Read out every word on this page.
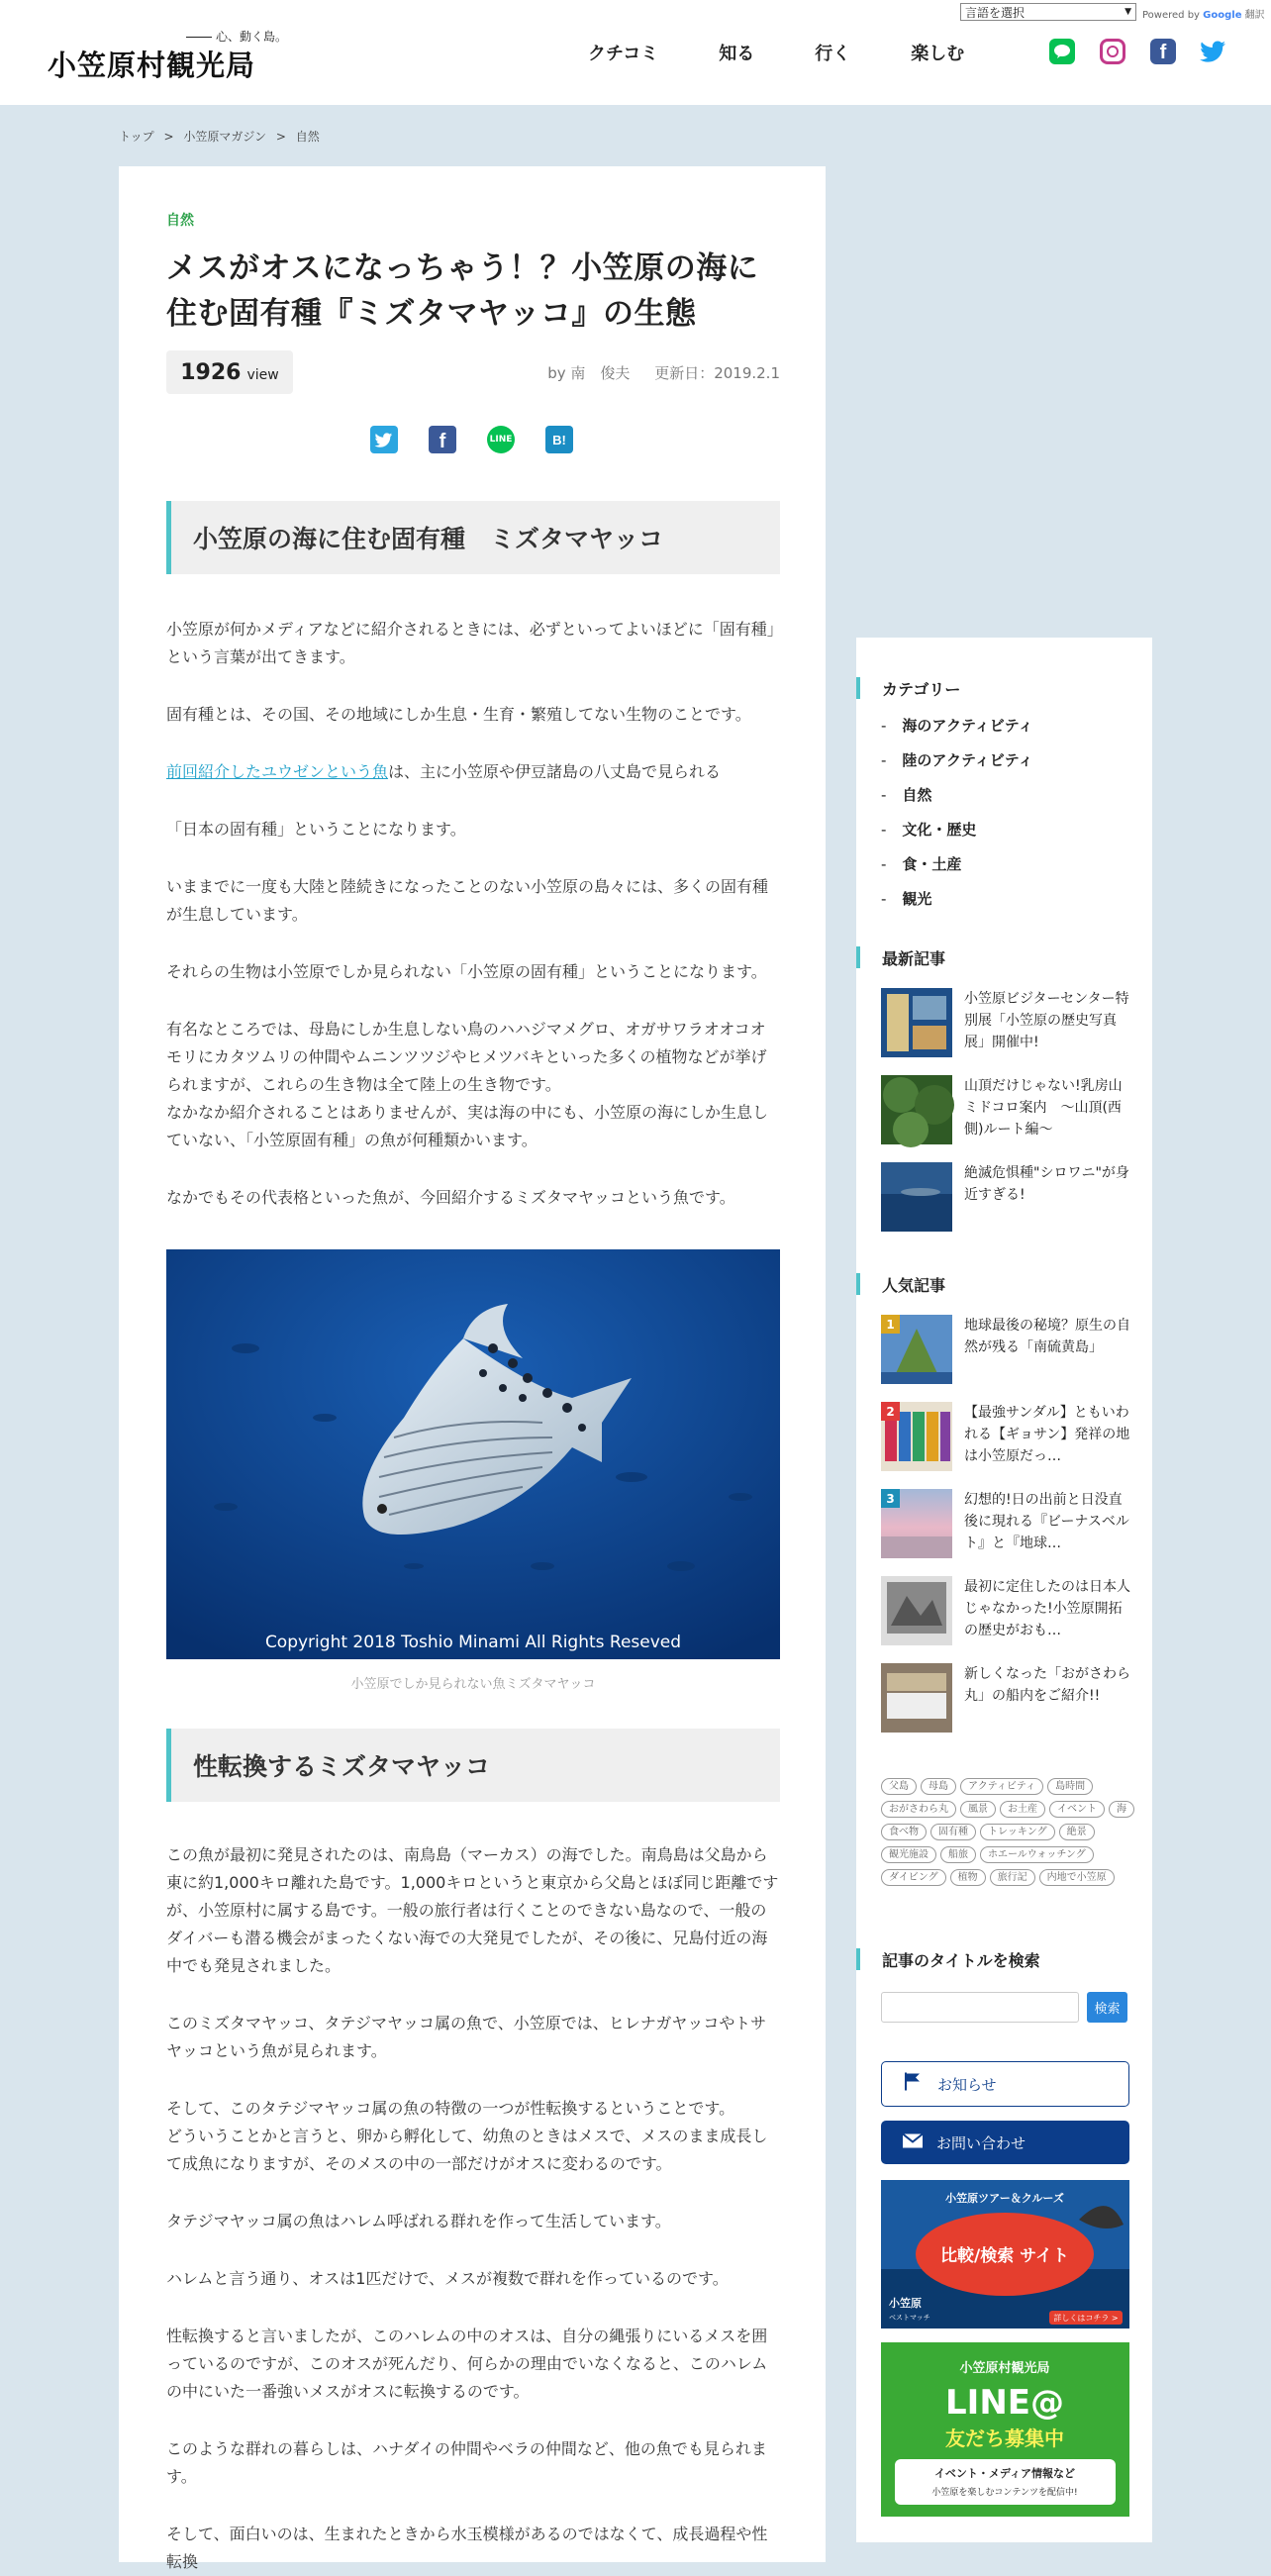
心、動く島。
小笠原村観光局	クチコミ	知る	行く	楽しむ
言語を選択	▼ Powered by Google 翻訳
f
トップ > 小笠原マガジン > 自然
自然
メスがオスになっちゃう！？小笠原の海に住む固有種『ミズタマヤッコ』の生態
1926 view	by 南　俊夫 更新日：2019.2.1
f	LINE	B!
小笠原の海に住む固有種　ミズタマヤッコ

小笠原が何かメディアなどに紹介されるときには、必ずといってよいほどに「固有種」という言葉が出てきます。

固有種とは、その国、その地域にしか生息・生育・繁殖してない生物のことです。

前回紹介したユウゼンという魚は、主に小笠原や伊豆諸島の八丈島で見られる

「日本の固有種」ということになります。

いままでに一度も大陸と陸続きになったことのない小笠原の島々には、多くの固有種が生息しています。

それらの生物は小笠原でしか見られない「小笠原の固有種」ということになります。

有名なところでは、母島にしか生息しない鳥のハハジマメグロ、オガサワラオオコオモリにカタツムリの仲間やムニンツツジやヒメツバキといった多くの植物などが挙げられますが、これらの生き物は全て陸上の生き物です。

なかなか紹介されることはありませんが、実は海の中にも、小笠原の海にしか生息していない、「小笠原固有種」の魚が何種類かいます。

なかでもその代表格といった魚が、今回紹介するミズタマヤッコという魚です。

Copyright 2018 Toshio Minami All Rights Reseved
小笠原でしか見られない魚ミズタマヤッコ
性転換するミズタマヤッコ

この魚が最初に発見されたのは、南鳥島（マーカス）の海でした。南鳥島は父島から東に約1,000キロ離れた島です。1,000キロというと東京から父島とほぼ同じ距離ですが、小笠原村に属する島です。一般の旅行者は行くことのできない島なので、一般のダイバーも潜る機会がまったくない海での大発見でしたが、その後に、兄島付近の海中でも発見されました。

このミズタマヤッコ、タテジマヤッコ属の魚で、小笠原では、ヒレナガヤッコやトサヤッコという魚が見られます。

そして、このタテジマヤッコ属の魚の特徴の一つが性転換するということです。

どういうことかと言うと、卵から孵化して、幼魚のときはメスで、メスのまま成長して成魚になりますが、そのメスの中の一部だけがオスに変わるのです。

タテジマヤッコ属の魚はハレム呼ばれる群れを作って生活しています。

ハレムと言う通り、オスは1匹だけで、メスが複数で群れを作っているのです。

性転換すると言いましたが、このハレムの中のオスは、自分の縄張りにいるメスを囲っているのですが、このオスが死んだり、何らかの理由でいなくなると、このハレムの中にいた一番強いメスがオスに転換するのです。

このような群れの暮らしは、ハナダイの仲間やベラの仲間など、他の魚でも見られます。

そして、面白いのは、生まれたときから水玉模様があるのではなくて、成長過程や性転換

カテゴリー
- 海のアクティビティ
- 陸のアクティビティ
- 自然
- 文化・歴史
- 食・土産
- 観光
最新記事
小笠原ビジターセンター特別展「小笠原の歴史写真展」開催中!
山頂だけじゃない!乳房山ミドコロ案内　〜山頂(西側)ルート編〜
絶滅危惧種"シロワニ"が身近すぎる!
人気記事
1	地球最後の秘境？原生の自然が残る「南硫黄島」
2	【最強サンダル】ともいわれる【ギョサン】発祥の地は小笠原だっ…
3	幻想的!日の出前と日没直後に現れる『ビーナスベルト』と『地球…
最初に定住したのは日本人じゃなかった!小笠原開拓の歴史がおも…
新しくなった「おがさわら丸」の船内をご紹介!!
父島	母島	アクティビティ	島時間
おがさわら丸	風景	お土産	イベント	海
食べ物	固有種	トレッキング	絶景
観光施設	船旅	ホエールウォッチング
ダイビング	植物	旅行記	内地で小笠原
記事のタイトルを検索
検索
お知らせ
お問い合わせ
小笠原ツアー＆クルーズ
比較/検索 サイト
小笠原
ベストマッチ	詳しくはコチラ >
小笠原村観光局
LINE@
友だち募集中
イベント・メディア情報など
小笠原を楽しむコンテンツを配信中!
